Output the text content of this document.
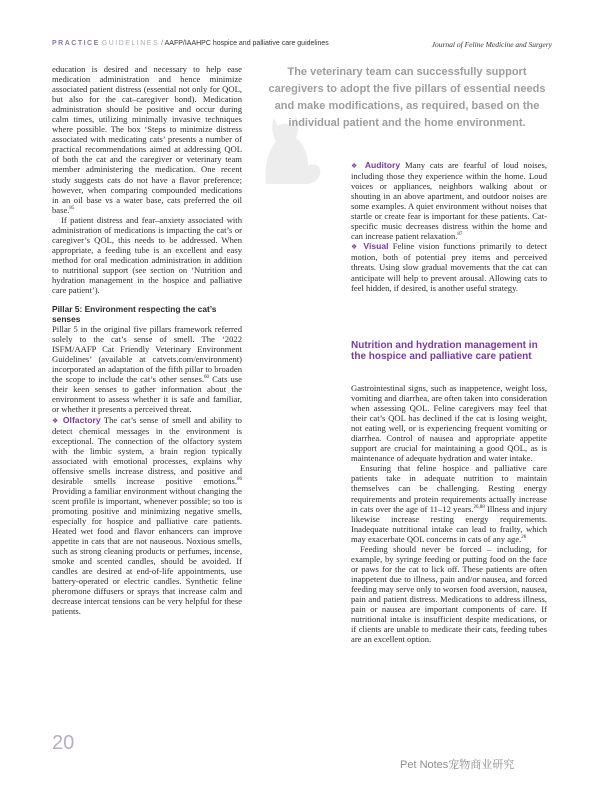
PRACTICE GUIDELINES / AAFP/IAAHPC hospice and palliative care guidelines	Journal of Feline Medicine and Surgery
The veterinary team can successfully support caregivers to adopt the five pillars of essential needs and make modifications, as required, based on the individual patient and the home environment.

education is desired and necessary to help ease medication administration and hence minimize associated patient distress (essential not only for QOL, but also for the cat–caregiver bond). Medication administration should be positive and occur during calm times, utilizing minimally invasive techniques where possible. The box ‘Steps to minimize distress associated with medicating cats’ presents a number of practical recommendations aimed at addressing QOL of both the cat and the caregiver or veterinary team member administering the medication. One recent study suggests cats do not have a flavor preference; however, when comparing compounded medications in an oil base vs a water base, cats preferred the oil base.$^{85}$

If patient distress and fear–anxiety associated with administration of medications is impacting the cat’s or caregiver’s QOL, this needs to be addressed. When appropriate, a feeding tube is an excellent and easy method for oral medication administration in addition to nutritional support (see section on ‘Nutrition and hydration management in the hospice and palliative care patient’).

Pillar 5: Environment respecting the cat’s senses

Pillar 5 in the original five pillars framework referred solely to the cat’s sense of smell. The ‘2022 ISFM/AAFP Cat Friendly Veterinary Environment Guidelines’ (available at catvets.com/environment) incorporated an adaptation of the fifth pillar to broaden the scope to include the cat’s other senses.$^{60}$ Cats use their keen senses to gather information about the environment to assess whether it is safe and familiar, or whether it presents a perceived threat.

❖ Olfactory The cat’s sense of smell and ability to detect chemical messages in the environment is exceptional. The connection of the olfactory system with the limbic system, a brain region typically associated with emotional processes, explains why offensive smells increase distress, and positive and desirable smells increase positive emotions.$^{86}$ Providing a familiar environment without changing the scent profile is important, whenever possible; so too is promoting positive and minimizing negative smells, especially for hospice and palliative care patients. Heated wet food and flavor enhancers can improve appetite in cats that are not nauseous. Noxious smells, such as strong cleaning products or perfumes, incense, smoke and scented candles, should be avoided. If candles are desired at end-of-life appointments, use battery-operated or electric candles. Synthetic feline pheromone diffusers or sprays that increase calm and decrease intercat tensions can be very helpful for these patients.

❖ Auditory Many cats are fearful of loud noises, including those they experience within the home. Loud voices or appliances, neighbors walking about or shouting in an above apartment, and outdoor noises are some examples. A quiet environment without noises that startle or create fear is important for these patients. Cat-specific music decreases distress within the home and can increase patient relaxation.$^{87}$

❖ Visual Feline vision functions primarily to detect motion, both of potential prey items and perceived threats. Using slow gradual movements that the cat can anticipate will help to prevent arousal. Allowing cats to feel hidden, if desired, is another useful strategy.

Nutrition and hydration management in the hospice and palliative care patient

Gastrointestinal signs, such as inappetence, weight loss, vomiting and diarrhea, are often taken into consideration when assessing QOL. Feline caregivers may feel that their cat’s QOL has declined if the cat is losing weight, not eating well, or is experiencing frequent vomiting or diarrhea. Control of nausea and appropriate appetite support are crucial for maintaining a good QOL, as is maintenance of adequate hydration and water intake.

Ensuring that feline hospice and palliative care patients take in adequate nutrition to maintain themselves can be challenging. Resting energy requirements and protein requirements actually increase in cats over the age of 11–12 years.$^{26,88}$ Illness and injury likewise increase resting energy requirements. Inadequate nutritional intake can lead to frailty, which may exacerbate QOL concerns in cats of any age.$^{26}$

Feeding should never be forced – including, for example, by syringe feeding or putting food on the face or paws for the cat to lick off. These patients are often inappetent due to illness, pain and/or nausea, and forced feeding may serve only to worsen food aversion, nausea, pain and patient distress. Medications to address illness, pain or nausea are important components of care. If nutritional intake is insufficient despite medications, or if clients are unable to medicate their cats, feeding tubes are an excellent option.

20
Pet Notes宠物商业研究
